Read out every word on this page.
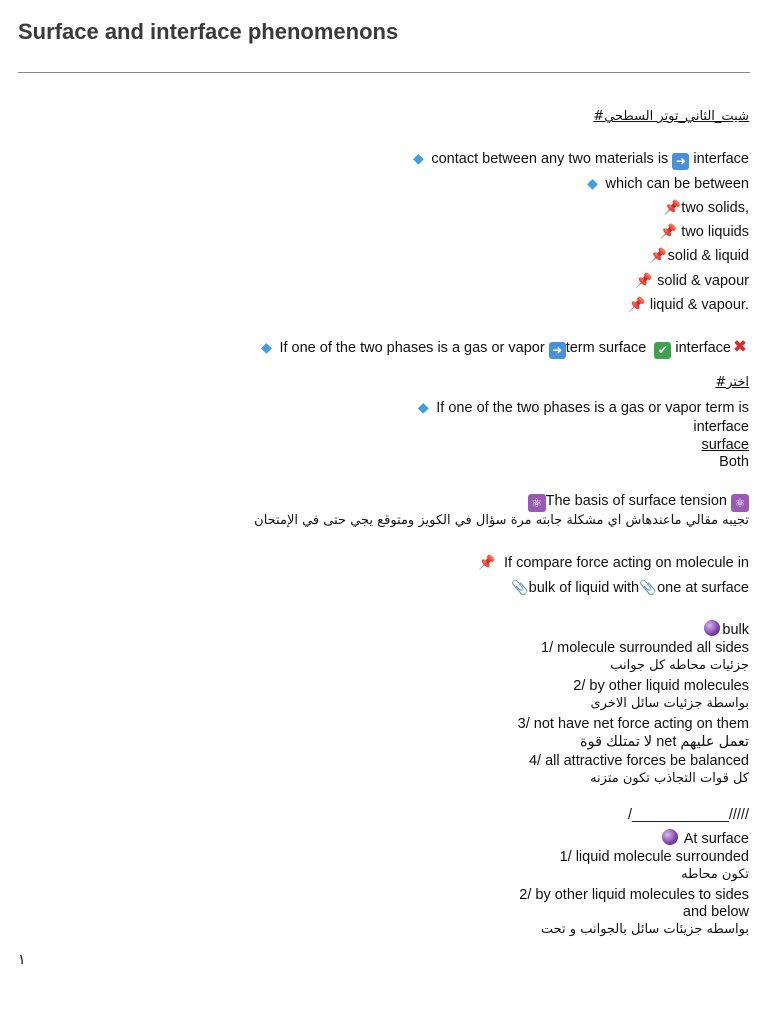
Surface and interface phenomenons
شيت_الثاني_توتر السطحي#
◆ contact between any two materials is ➜ interface
◆ which can be between
📌two solids,
📌 two liquids
📌solid & liquid
📌 solid & vapour
📌 liquid & vapour.
◆ If one of the two phases is a gas or vapor ➜ term surface ✔ interface ✖
اختر#
◆ If one of the two phases is a gas or vapor term is
interface
surface
Both
⚛ The basis of surface tension ⚛
تجيبه مقالي ماعندهاش اي مشكلة جابته مرة سؤال في الكويز ومتوقع يجي حتى في الإمتحان
📌 If compare force acting on molecule in
📎bulk of liquid with📎one at surface
bulk
1/ molecule surrounded all sides
جزئيات محاطه كل جوانب
2/ by other liquid molecules
بواسطة جزئيات سائل الاخرى
3/ not have net force acting on them
تعمل عليهم net لا تمتلك قوة
4/ all attractive forces be balanced
كل قوات التجاذب تكون متزنه
/____________/////
At surface
1/ liquid molecule surrounded
تكون محاطه
2/ by other liquid molecules to sides
and below
بواسطه جزيئات سائل بالجوانب و تحت
١
